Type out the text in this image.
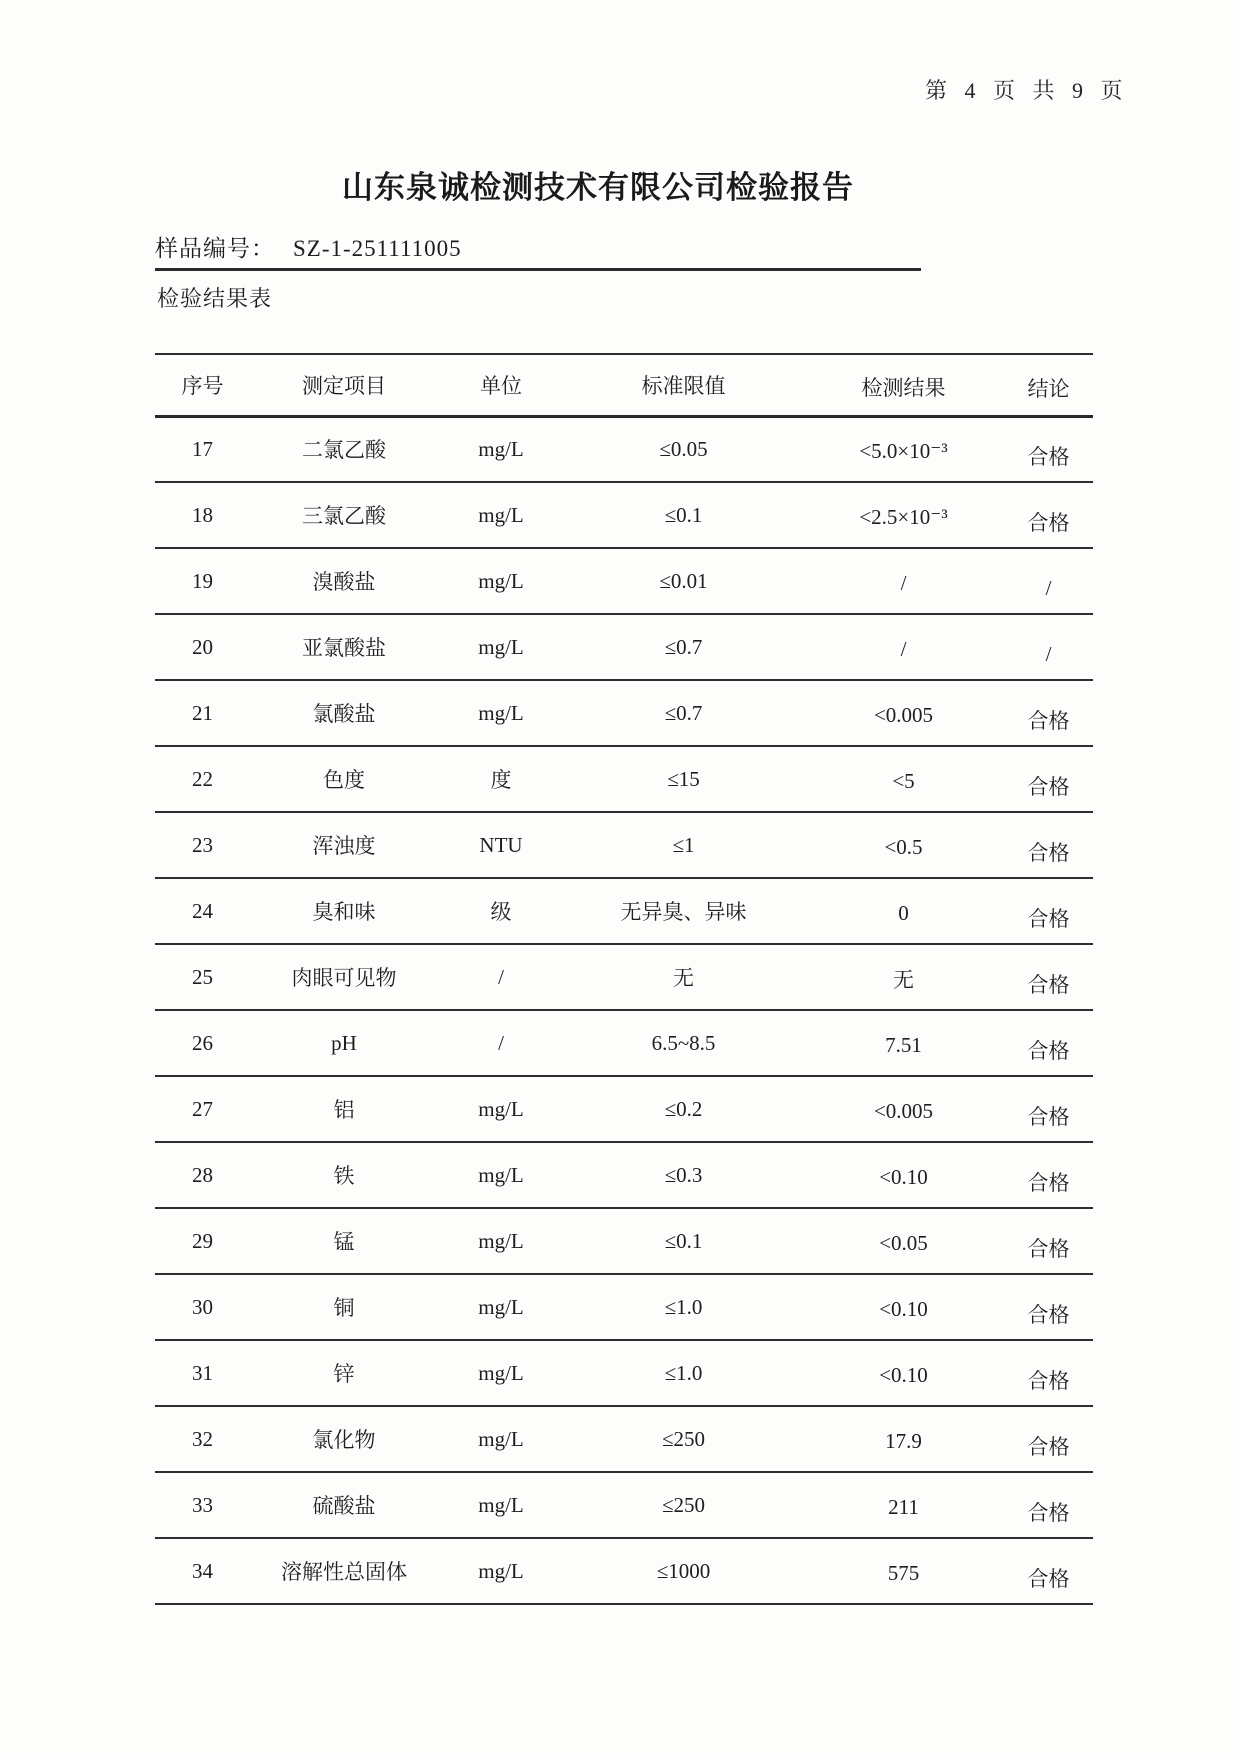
第 4 页 共 9 页
山东泉诚检测技术有限公司检验报告
样品编号： SZ-1-251111005
检验结果表
序号	测定项目	单位	标准限值	检测结果	结论
17	二氯乙酸	mg/L	≤0.05	<5.0×10⁻³	合格
18	三氯乙酸	mg/L	≤0.1	<2.5×10⁻³	合格
19	溴酸盐	mg/L	≤0.01	/	/
20	亚氯酸盐	mg/L	≤0.7	/	/
21	氯酸盐	mg/L	≤0.7	<0.005	合格
22	色度	度	≤15	<5	合格
23	浑浊度	NTU	≤1	<0.5	合格
24	臭和味	级	无异臭、异味	0	合格
25	肉眼可见物	/	无	无	合格
26	pH	/	6.5~8.5	7.51	合格
27	铝	mg/L	≤0.2	<0.005	合格
28	铁	mg/L	≤0.3	<0.10	合格
29	锰	mg/L	≤0.1	<0.05	合格
30	铜	mg/L	≤1.0	<0.10	合格
31	锌	mg/L	≤1.0	<0.10	合格
32	氯化物	mg/L	≤250	17.9	合格
33	硫酸盐	mg/L	≤250	211	合格
34	溶解性总固体	mg/L	≤1000	575	合格
